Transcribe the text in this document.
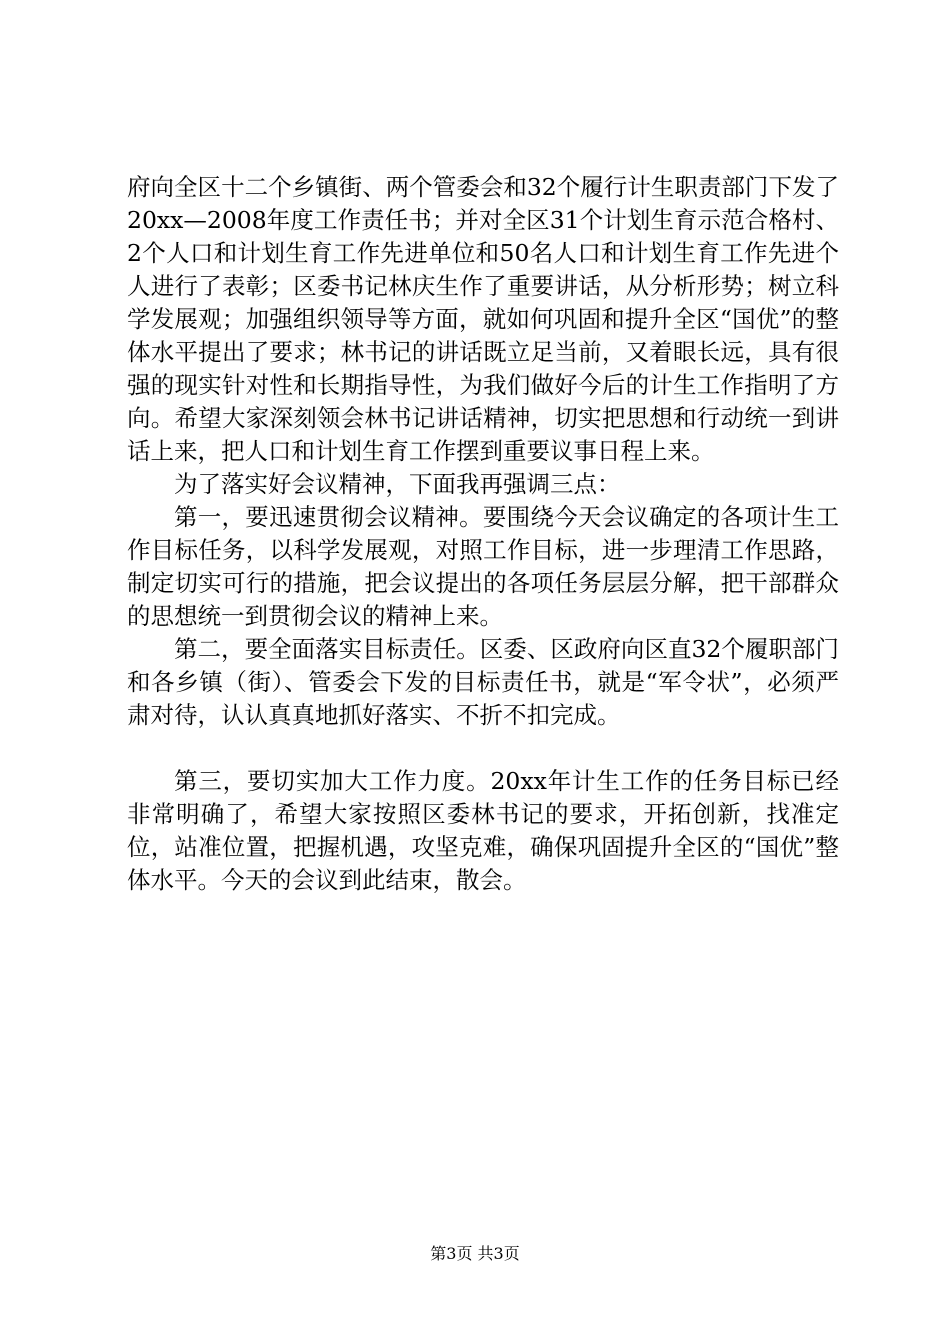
府向全区十二个乡镇街、两个管委会和32个履行计生职责部门下发了20xx—2008年度工作责任书；并对全区31个计划生育示范合格村、2个人口和计划生育工作先进单位和50名人口和计划生育工作先进个人进行了表彰；区委书记林庆生作了重要讲话，从分析形势；树立科学发展观；加强组织领导等方面，就如何巩固和提升全区“国优”的整体水平提出了要求；林书记的讲话既立足当前，又着眼长远，具有很强的现实针对性和长期指导性，为我们做好今后的计生工作指明了方向。希望大家深刻领会林书记讲话精神，切实把思想和行动统一到讲话上来，把人口和计划生育工作摆到重要议事日程上来。

为了落实好会议精神，下面我再强调三点：

第一，要迅速贯彻会议精神。要围绕今天会议确定的各项计生工作目标任务，以科学发展观，对照工作目标，进一步理清工作思路，制定切实可行的措施，把会议提出的各项任务层层分解，把干部群众的思想统一到贯彻会议的精神上来。

第二，要全面落实目标责任。区委、区政府向区直32个履职部门和各乡镇（街）、管委会下发的目标责任书，就是“军令状”，必须严肃对待，认认真真地抓好落实、不折不扣完成。

第三，要切实加大工作力度。20xx年计生工作的任务目标已经非常明确了，希望大家按照区委林书记的要求，开拓创新，找准定位，站准位置，把握机遇，攻坚克难，确保巩固提升全区的“国优”整体水平。今天的会议到此结束，散会。

第3页 共3页
